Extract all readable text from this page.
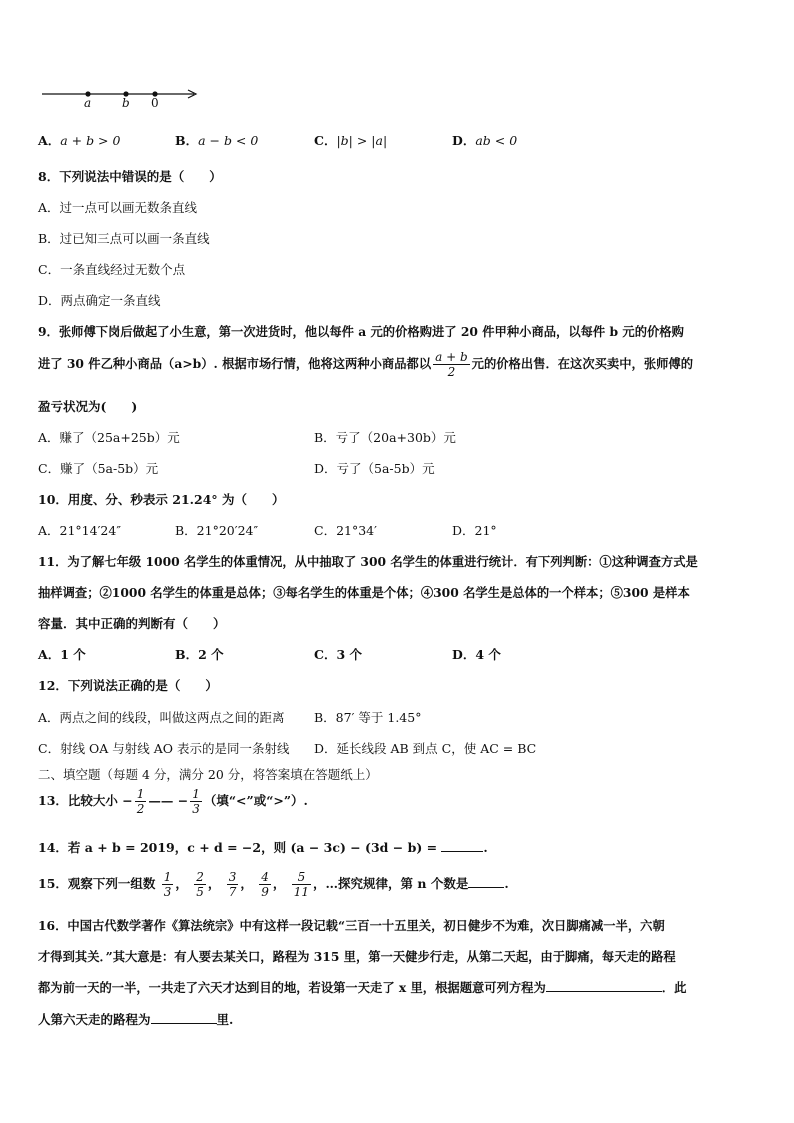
a	b 0
A．a + b > 0	B．a − b < 0	C．|b| > |a|	D．ab < 0
8．下列说法中错误的是（　　）
A．过一点可以画无数条直线
B．过已知三点可以画一条直线
C．一条直线经过无数个点
D．两点确定一条直线
9．张师傅下岗后做起了小生意，第一次进货时，他以每件 a 元的价格购进了 20 件甲种小商品，以每件 b 元的价格购
进了 30 件乙种小商品（a>b）. 根据市场行情，他将这两种小商品都以 $\frac{a + b}{2}$ 元的价格出售．在这次买卖中，张师傅的
盈亏状况为(　　)
A．赚了（25a+25b）元	B．亏了（20a+30b）元
C．赚了（5a-5b）元	D．亏了（5a-5b）元
10．用度、分、秒表示 21.24° 为（　　）
A．21°14′24″	B．21°20′24″	C．21°34′	D．21°
11．为了解七年级 1000 名学生的体重情况，从中抽取了 300 名学生的体重进行统计．有下列判断：①这种调查方式是
抽样调查；②1000 名学生的体重是总体；③每名学生的体重是个体；④300 名学生是总体的一个样本；⑤300 是样本
容量．其中正确的判断有（　　）
A．1 个	B．2 个	C．3 个	D．4 个
12．下列说法正确的是（　　）
A．两点之间的线段，叫做这两点之间的距离 B．87′ 等于 1.45°
C．射线 OA 与射线 AO 表示的是同一条射线 D．延长线段 AB 到点 C，使 AC = BC
二、填空题（每题 4 分，满分 20 分，将答案填在答题纸上）
13．比较大小 − $\frac{1}{2}$ —— − $\frac{1}{3}$ （填“<”或“>”）.
14．若 a + b = 2019，c + d = −2，则 (a − 3c) − (3d − b) =	.
15．观察下列一组数 $\frac{1}{3}$ ， $\frac{2}{5}$ ， $\frac{3}{7}$ ， $\frac{4}{9}$ ， $\frac{5}{11}$ ，…探究规律，第 n 个数是	.
16．中国古代数学著作《算法统宗》中有这样一段记载“三百一十五里关，初日健步不为难，次日脚痛减一半，六朝
才得到其关．”其大意是：有人要去某关口，路程为 315 里，第一天健步行走，从第二天起，由于脚痛，每天走的路程
都为前一天的一半，一共走了六天才达到目的地，若设第一天走了 x 里，根据题意可列方程为	．此
人第六天走的路程为	里.
